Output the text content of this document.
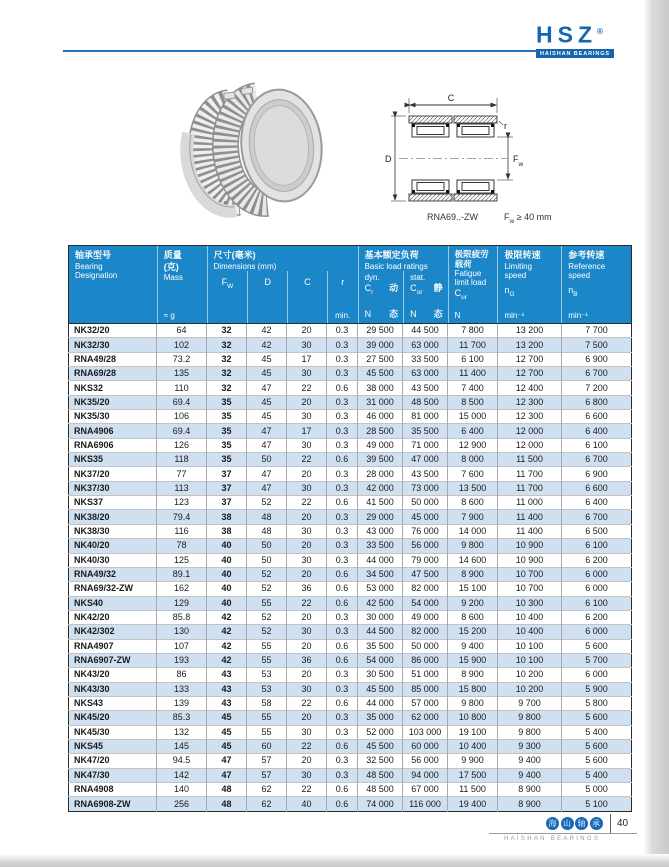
HSZ®
HAISHAN BEARINGS
C
D
r
$F_w$
RNA69..-ZW	$F_w \ge 40$ mm
轴承型号
Bearing
Designation
质量
(克)
Mass
≈ g
尺寸(毫米)
Dimensions (mm)
$F_W$	D	C	r
min.
基本额定负荷
Basic load ratings
dyn.
$C_r$ 动
N 态
stat.
$C_{or}$ 静
N 态
极限疲劳
载荷
Fatigue
limit load
$C_{ur}$
N
极限转速
Limiting
speed
$n_G$
min⁻¹
参考转速
Reference
speed
$n_B$
min⁻¹

NK32/20	64	32	42	20	0.3	29 500	44 500	7 800	13 200	7 700
NK32/30	102	32	42	30	0.3	39 000	63 000	11 700	13 200	7 500
RNA49/28	73.2	32	45	17	0.3	27 500	33 500	6 100	12 700	6 900
RNA69/28	135	32	45	30	0.3	45 500	63 000	11 400	12 700	6 700
NKS32	110	32	47	22	0.6	38 000	43 500	7 400	12 400	7 200
NK35/20	69.4	35	45	20	0.3	31 000	48 500	8 500	12 300	6 800
NK35/30	106	35	45	30	0.3	46 000	81 000	15 000	12 300	6 600
RNA4906	69.4	35	47	17	0.3	28 500	35 500	6 400	12 000	6 400
RNA6906	126	35	47	30	0.3	49 000	71 000	12 900	12 000	6 100
NKS35	118	35	50	22	0.6	39 500	47 000	8 000	11 500	6 700
NK37/20	77	37	47	20	0.3	28 000	43 500	7 600	11 700	6 900
NK37/30	113	37	47	30	0.3	42 000	73 000	13 500	11 700	6 600
NKS37	123	37	52	22	0.6	41 500	50 000	8 600	11 000	6 400
NK38/20	79.4	38	48	20	0.3	29 000	45 000	7 900	11 400	6 700
NK38/30	116	38	48	30	0.3	43 000	76 000	14 000	11 400	6 500
NK40/20	78	40	50	20	0.3	33 500	56 000	9 800	10 900	6 100
NK40/30	125	40	50	30	0.3	44 000	79 000	14 600	10 900	6 200
RNA49/32	89.1	40	52	20	0.6	34 500	47 500	8 900	10 700	6 000
RNA69/32-ZW	162	40	52	36	0.6	53 000	82 000	15 100	10 700	6 000
NKS40	129	40	55	22	0.6	42 500	54 000	9 200	10 300	6 100
NK42/20	85.8	42	52	20	0.3	30 000	49 000	8 600	10 400	6 200
NK42/302	130	42	52	30	0.3	44 500	82 000	15 200	10 400	6 000
RNA4907	107	42	55	20	0.6	35 500	50 000	9 400	10 100	5 600
RNA6907-ZW	193	42	55	36	0.6	54 000	86 000	15 900	10 100	5 700
NK43/20	86	43	53	20	0.3	30 500	51 000	8 900	10 200	6 000
NK43/30	133	43	53	30	0.3	45 500	85 000	15 800	10 200	5 900
NKS43	139	43	58	22	0.6	44 000	57 000	9 800	9 700	5 800
NK45/20	85.3	45	55	20	0.3	35 000	62 000	10 800	9 800	5 600
NK45/30	132	45	55	30	0.3	52 000	103 000	19 100	9 800	5 400
NKS45	145	45	60	22	0.6	45 500	60 000	10 400	9 300	5 600
NK47/20	94.5	47	57	20	0.3	32 500	56 000	9 900	9 400	5 600
NK47/30	142	47	57	30	0.3	48 500	94 000	17 500	9 400	5 400
RNA4908	140	48	62	22	0.6	48 500	67 000	11 500	8 900	5 000
RNA6908-ZW	256	48	62	40	0.6	74 000	116 000	19 400	8 900	5 100
海 山 轴 承 40
HAISHAN BEARINGS
